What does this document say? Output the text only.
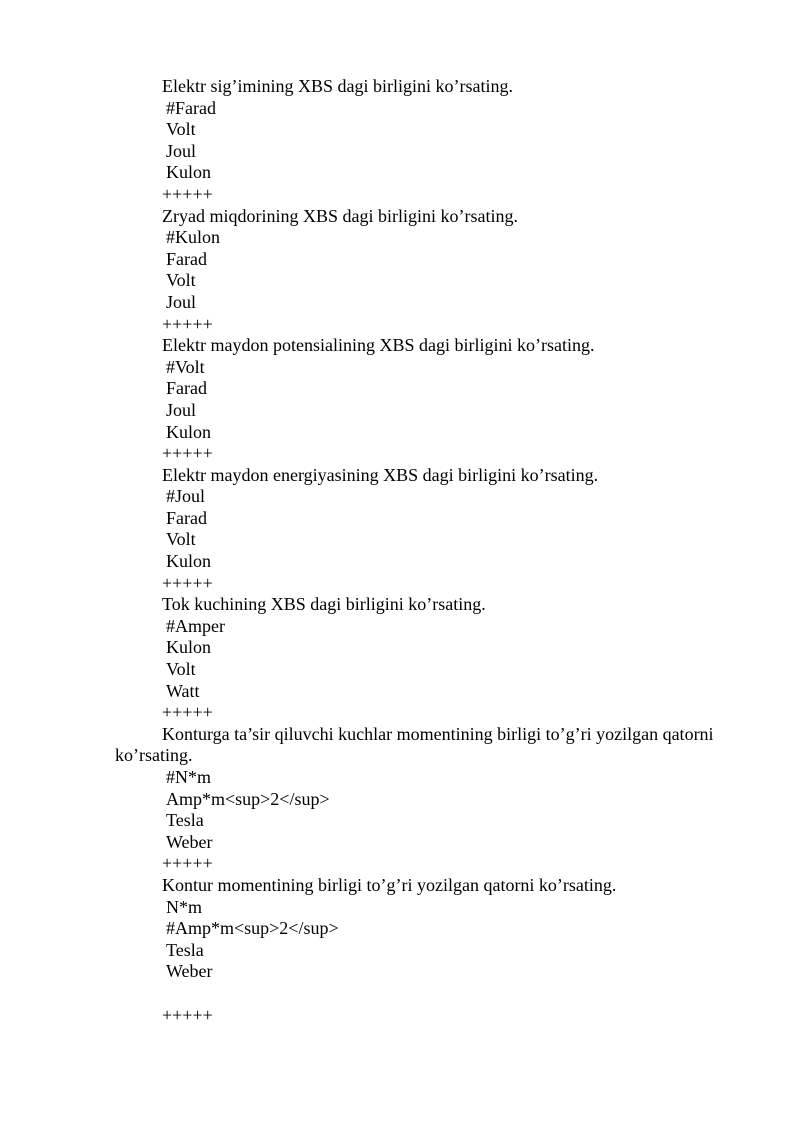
Elektr sig’imining XBS dagi birligini ko’rsating.
#Farad
Volt
Joul
Kulon
+++++
Zryad miqdorining XBS dagi birligini ko’rsating.
#Kulon
Farad
Volt
Joul
+++++
Elektr maydon potensialining XBS dagi birligini ko’rsating.
#Volt
Farad
Joul
Kulon
+++++
Elektr maydon energiyasining XBS dagi birligini ko’rsating.
#Joul
Farad
Volt
Kulon
+++++
Tok kuchining XBS dagi birligini ko’rsating.
#Amper
Kulon
Volt
Watt
+++++
Konturga ta’sir qiluvchi kuchlar momentining birligi to’g’ri yozilgan qatorni
ko’rsating.
#N*m
Amp*m<sup>2</sup>
Tesla
Weber
+++++
Kontur momentining birligi to’g’ri yozilgan qatorni ko’rsating.
N*m
#Amp*m<sup>2</sup>
Tesla
Weber
+++++
